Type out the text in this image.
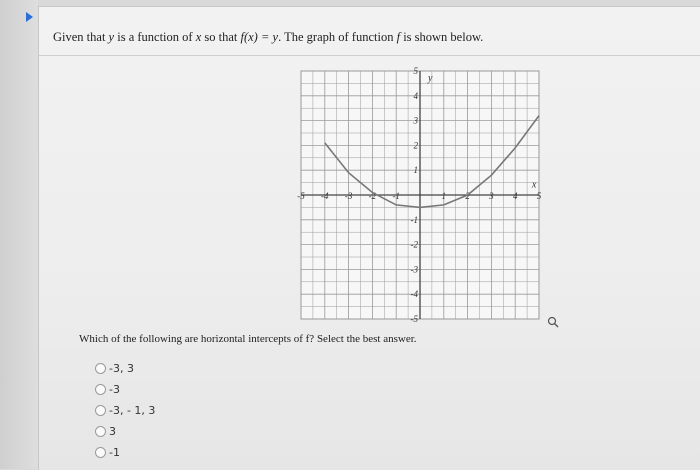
Given that y is a function of x so that f(x) = y. The graph of function f is shown below.
-5 -4 -3 -2 -1	1 2 3 4 5
1
2
3
4
5
-1
-2
-3
-4
-5
y
x
Which of the following are horizontal intercepts of f? Select the best answer.
-3, 3
-3
-3, - 1, 3
3
-1
